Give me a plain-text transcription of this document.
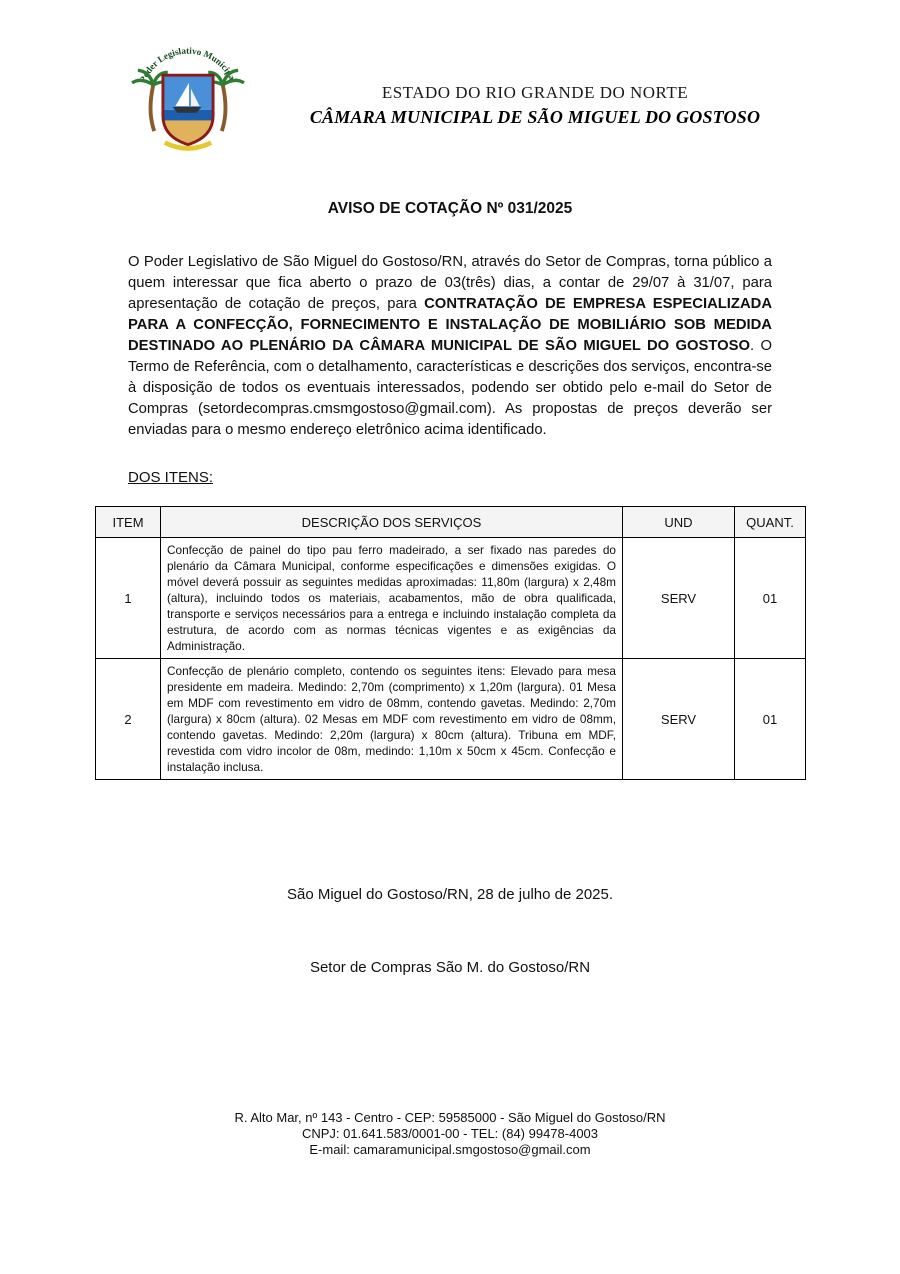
Poder Legislativo Municipal
ESTADO DO RIO GRANDE DO NORTE
CÂMARA MUNICIPAL DE SÃO MIGUEL DO GOSTOSO
AVISO DE COTAÇÃO Nº 031/2025

O Poder Legislativo de São Miguel do Gostoso/RN, através do Setor de Compras, torna público a quem interessar que fica aberto o prazo de 03(três) dias, a contar de 29/07 à 31/07, para apresentação de cotação de preços, para CONTRATAÇÃO DE EMPRESA ESPECIALIZADA PARA A CONFECÇÃO, FORNECIMENTO E INSTALAÇÃO DE MOBILIÁRIO SOB MEDIDA DESTINADO AO PLENÁRIO DA CÂMARA MUNICIPAL DE SÃO MIGUEL DO GOSTOSO. O Termo de Referência, com o detalhamento, características e descrições dos serviços, encontra-se à disposição de todos os eventuais interessados, podendo ser obtido pelo e-mail do Setor de Compras (setordecompras.cmsmgostoso@gmail.com). As propostas de preços deverão ser enviadas para o mesmo endereço eletrônico acima identificado.

DOS ITENS:
ITEM	DESCRIÇÃO DOS SERVIÇOS	UND	QUANT.
1	Confecção de painel do tipo pau ferro madeirado, a ser fixado nas paredes do plenário da Câmara Municipal, conforme especificações e dimensões exigidas. O móvel deverá possuir as seguintes medidas aproximadas: 11,80m (largura) x 2,48m (altura), incluindo todos os materiais, acabamentos, mão de obra qualificada, transporte e serviços necessários para a entrega e incluindo instalação completa da estrutura, de acordo com as normas técnicas vigentes e as exigências da Administração.	SERV	01
2	Confecção de plenário completo, contendo os seguintes itens: Elevado para mesa presidente em madeira. Medindo: 2,70m (comprimento) x 1,20m (largura). 01 Mesa em MDF com revestimento em vidro de 08mm, contendo gavetas. Medindo: 2,70m (largura) x 80cm (altura). 02 Mesas em MDF com revestimento em vidro de 08mm, contendo gavetas. Medindo: 2,20m (largura) x 80cm (altura). Tribuna em MDF, revestida com vidro incolor de 08m, medindo: 1,10m x 50cm x 45cm. Confecção e instalação inclusa.	SERV	01
São Miguel do Gostoso/RN, 28 de julho de 2025.
Setor de Compras São M. do Gostoso/RN
R. Alto Mar, nº 143 - Centro - CEP: 59585000 - São Miguel do Gostoso/RN
CNPJ: 01.641.583/0001-00 - TEL: (84) 99478-4003
E-mail: camaramunicipal.smgostoso@gmail.com
